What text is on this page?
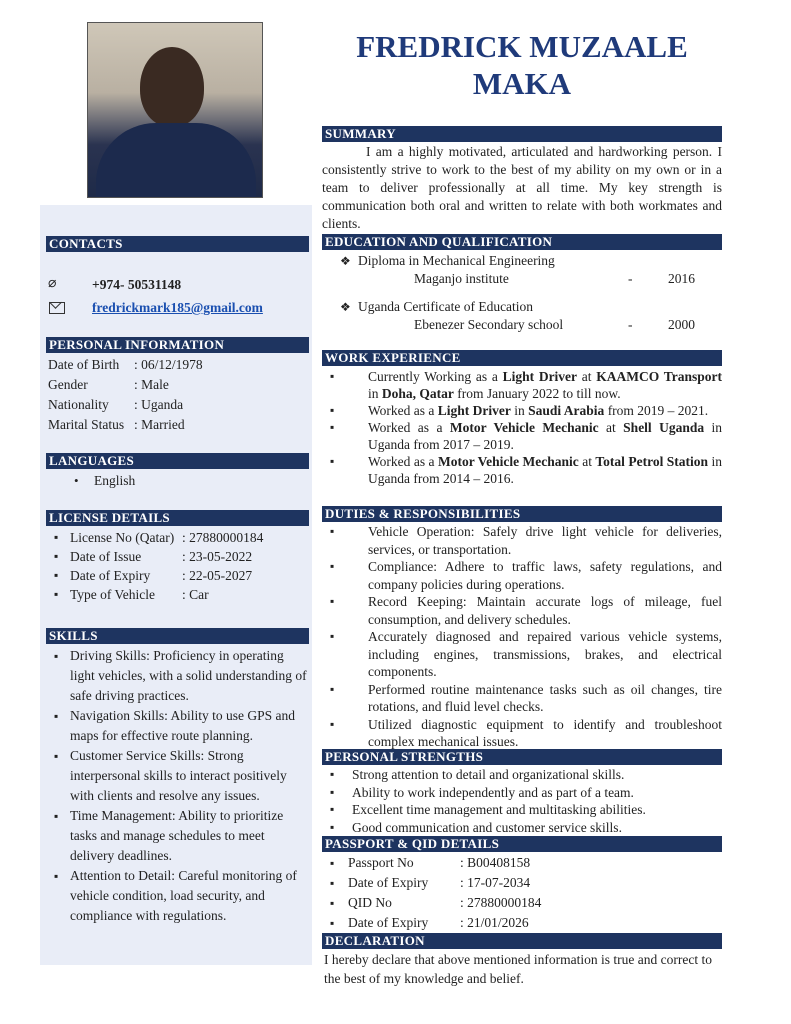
FREDRICK MUZAALE
MAKA
CONTACTS
⌀
+974- 50531148
fredrickmark185@gmail.com
PERSONAL INFORMATION
Date of Birth : 06/12/1978
Gender	: Male
Nationality : Uganda
Marital Status : Married
LANGUAGES
• English
LICENSE DETAILS
▪ License No (Qatar) : 27880000184
▪ Date of Issue	: 23-05-2022
▪ Date of Expiry : 22-05-2027
▪ Type of Vehicle : Car
SKILLS
▪ Driving Skills: Proficiency in operating light vehicles, with a solid understanding of safe driving practices.
▪ Navigation Skills: Ability to use GPS and maps for effective route planning.
▪ Customer Service Skills: Strong interpersonal skills to interact positively with clients and resolve any issues.
▪ Time Management: Ability to prioritize tasks and manage schedules to meet delivery deadlines.
▪ Attention to Detail: Careful monitoring of vehicle condition, load security, and compliance with regulations.
SUMMARY
I am a highly motivated, articulated and hardworking person. I consistently strive to work to the best of my ability on my own or in a team to deliver professionally at all time. My key strength is communication both oral and written to relate with both workmates and clients.
EDUCATION AND QUALIFICATION
❖ Diploma in Mechanical Engineering
Maganjo institute	-	2016
❖ Uganda Certificate of Education
Ebenezer Secondary school	-	2000
WORK EXPERIENCE
▪ Currently Working as a Light Driver at KAAMCO Transport in Doha, Qatar from January 2022 to till now.
▪ Worked as a Light Driver in Saudi Arabia from 2019 – 2021.
▪ Worked as a Motor Vehicle Mechanic at Shell Uganda in Uganda from 2017 – 2019.
▪ Worked as a Motor Vehicle Mechanic at Total Petrol Station in Uganda from 2014 – 2016.
DUTIES & RESPONSIBILITIES
▪ Vehicle Operation: Safely drive light vehicle for deliveries, services, or transportation.
▪ Compliance: Adhere to traffic laws, safety regulations, and company policies during operations.
▪ Record Keeping: Maintain accurate logs of mileage, fuel consumption, and delivery schedules.
▪ Accurately diagnosed and repaired various vehicle systems, including engines, transmissions, brakes, and electrical components.
▪ Performed routine maintenance tasks such as oil changes, tire rotations, and fluid level checks.
▪ Utilized diagnostic equipment to identify and troubleshoot complex mechanical issues.
PERSONAL STRENGTHS
▪ Strong attention to detail and organizational skills.
▪ Ability to work independently and as part of a team.
▪ Excellent time management and multitasking abilities.
▪ Good communication and customer service skills.
PASSPORT & QID DETAILS
▪ Passport No	: B00408158
▪ Date of Expiry : 17-07-2034
▪ QID No	: 27880000184
▪ Date of Expiry : 21/01/2026
DECLARATION
I hereby declare that above mentioned information is true and correct to the best of my knowledge and belief.
